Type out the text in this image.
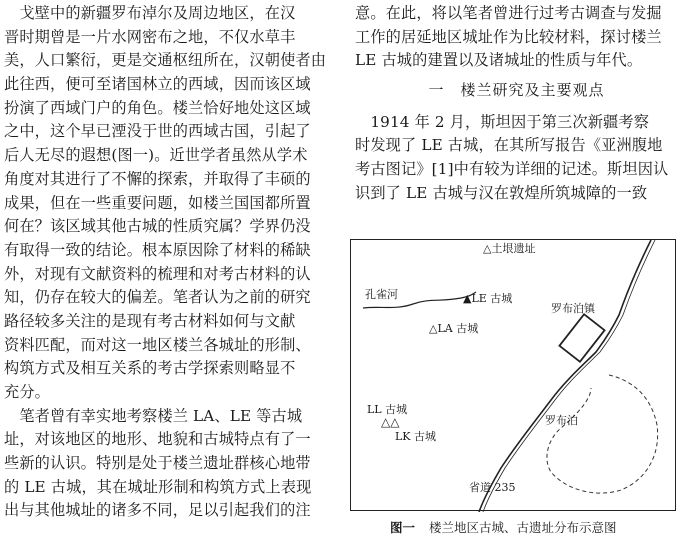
　戈壁中的新疆罗布淖尔及周边地区，在汉
晋时期曾是一片水网密布之地，不仅水草丰
美，人口繁衍，更是交通枢纽所在，汉朝使者由
此往西，便可至诸国林立的西域，因而该区域
扮演了西域门户的角色。楼兰恰好地处这区域
之中，这个早已湮没于世的西域古国，引起了
后人无尽的遐想(图一)。近世学者虽然从学术
角度对其进行了不懈的探索，并取得了丰硕的
成果，但在一些重要问题，如楼兰国国都所置
何在？该区域其他古城的性质究属？学界仍没
有取得一致的结论。根本原因除了材料的稀缺
外，对现有文献资料的梳理和对考古材料的认
知，仍存在较大的偏差。笔者认为之前的研究
路径较多关注的是现有考古材料如何与文献
资料匹配，而对这一地区楼兰各城址的形制、
构筑方式及相互关系的考古学探索则略显不
充分。
　笔者曾有幸实地考察楼兰 LA、LE 等古城
址，对该地区的地形、地貌和古城特点有了一
些新的认识。特别是处于楼兰遗址群核心地带
的 LE 古城，其在城址形制和构筑方式上表现
出与其他城址的诸多不同，足以引起我们的注
意。在此，将以笔者曾进行过考古调查与发掘
工作的居延地区城址作为比较材料，探讨楼兰
LE 古城的建置以及诸城址的性质与年代。
一　楼兰研究及主要观点
　1914 年 2 月，斯坦因于第三次新疆考察
时发现了 LE 古城，在其所写报告《亚洲腹地
考古图记》[1]中有较为详细的记述。斯坦因认
识到了 LE 古城与汉在敦煌所筑城障的一致
△土垠遗址
孔雀河	▲LE 古城
罗布泊镇
△LA 古城
LL 古城
△△
LK 古城
罗布泊
省道 235
图一 楼兰地区古城、古遗址分布示意图
